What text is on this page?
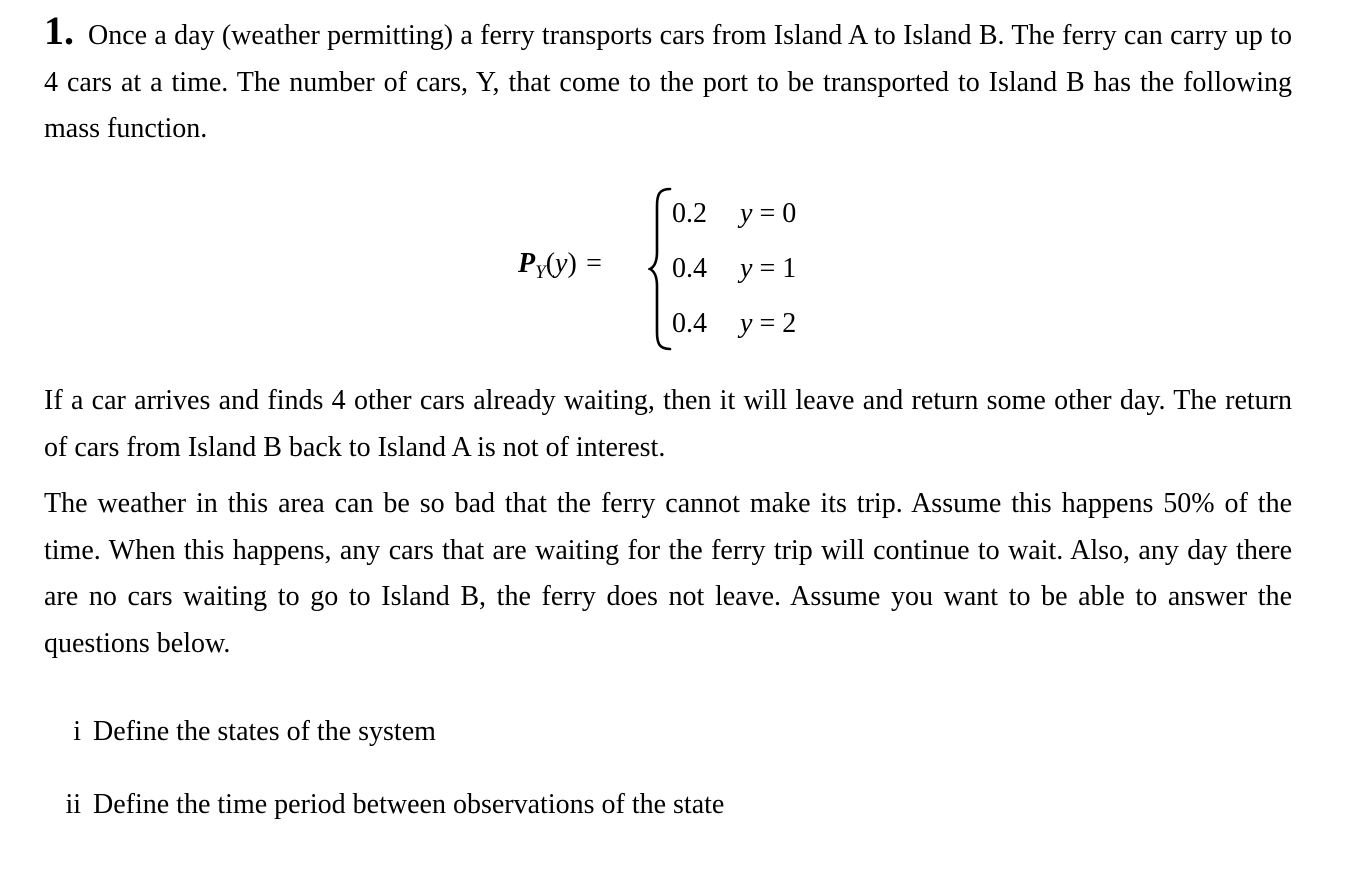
1. Once a day (weather permitting) a ferry transports cars from Island A to Island B. The ferry can carry up to 4 cars at a time. The number of cars, Y, that come to the port to be transported to Island B has the following mass function.
$P_Y(y)$  =
0.2 y = 0
0.4 y = 1
0.4 y = 2
If a car arrives and finds 4 other cars already waiting, then it will leave and return some other day. The return of cars from Island B back to Island A is not of interest.
The weather in this area can be so bad that the ferry cannot make its trip. Assume this happens 50% of the time. When this happens, any cars that are waiting for the ferry trip will continue to wait. Also, any day there are no cars waiting to go to Island B, the ferry does not leave. Assume you want to be able to answer the questions below.
i Define the states of the system
ii Define the time period between observations of the state
